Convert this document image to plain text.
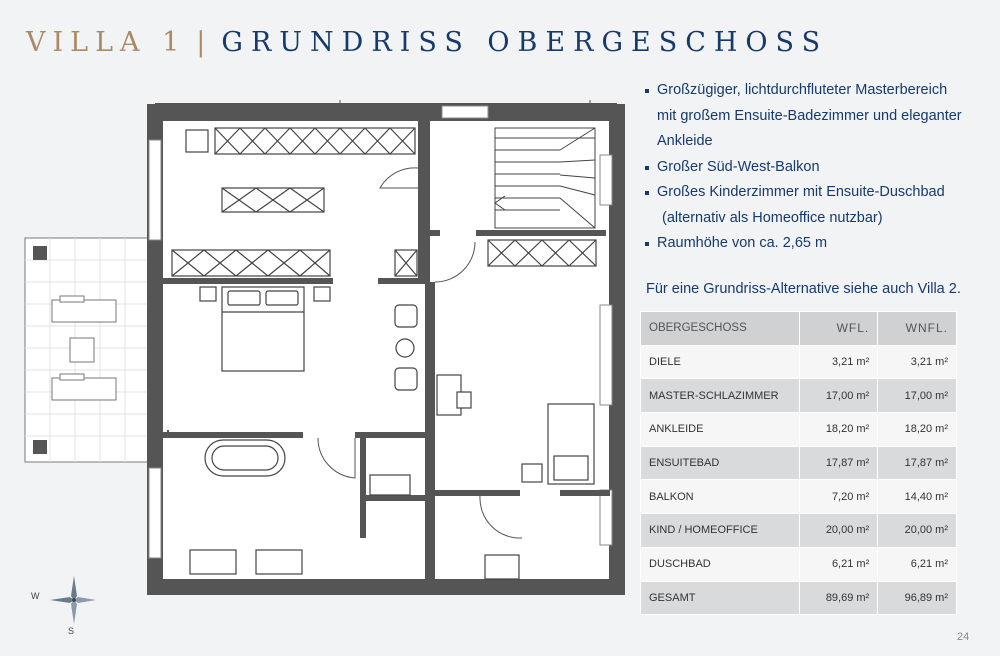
VILLA 1 | GRUNDRISS OBERGESCHOSS
Großzügiger, lichtdurchfluteter Masterbereich
mit großem Ensuite-Badezimmer und eleganter
Ankleide
Großer Süd-West-Balkon
Großes Kinderzimmer mit Ensuite-Duschbad

(alternativ als Homeoffice nutzbar)
Raumhöhe von ca. 2,65 m
Für eine Grundriss-Alternative siehe auch Villa 2.
OBERGESCHOSS	WFL.	WNFL.
DIELE	3,21 m²	3,21 m²
MASTER-SCHLAZIMMER	17,00 m²	17,00 m²
ANKLEIDE	18,20 m²	18,20 m²
ENSUITEBAD	17,87 m²	17,87 m²
BALKON	7,20 m²	14,40 m²
KIND / HOMEOFFICE	20,00 m²	20,00 m²
DUSCHBAD	6,21 m²	6,21 m²
GESAMT	89,69 m²	96,89 m²
W
S	24
